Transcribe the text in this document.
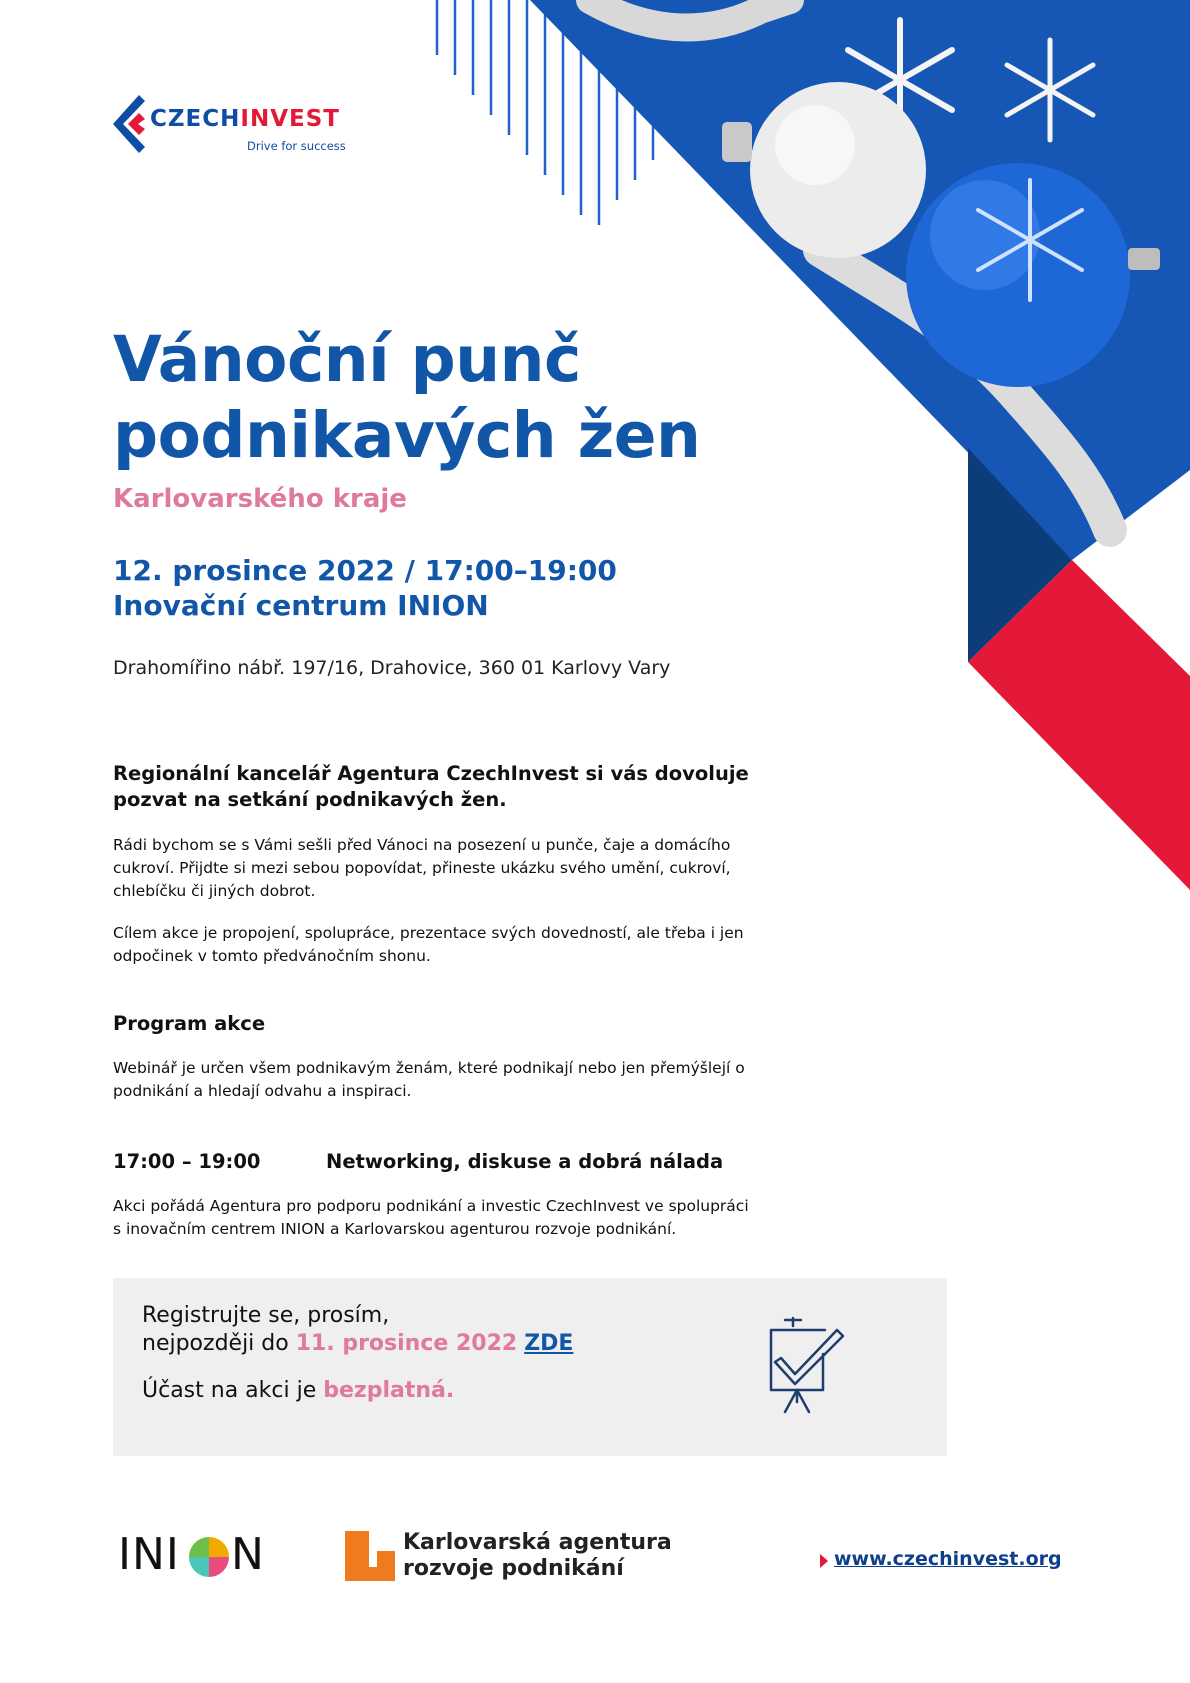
CZECHINVEST
Drive for success
Vánoční punč
podnikavých žen
Karlovarského kraje
12. prosince 2022 / 17:00–19:00
Inovační centrum INION
Drahomířino nábř. 197/16, Drahovice, 360 01 Karlovy Vary
Regionální kancelář Agentura CzechInvest si vás dovoluje
pozvat na setkání podnikavých žen.
Rádi bychom se s Vámi sešli před Vánoci na posezení u punče, čaje a domácího
cukroví. Přijdte si mezi sebou popovídat, přineste ukázku svého umění, cukroví,
chlebíčku či jiných dobrot.
Cílem akce je propojení, spolupráce, prezentace svých dovedností, ale třeba i jen
odpočinek v tomto předvánočním shonu.
Program akce
Webinář je určen všem podnikavým ženám, které podnikají nebo jen přemýšlejí o
podnikání a hledají odvahu a inspiraci.
17:00 – 19:00	Networking, diskuse a dobrá nálada
Akci pořádá Agentura pro podporu podnikání a investic CzechInvest ve spolupráci
s inovačním centrem INION a Karlovarskou agenturou rozvoje podnikání.
Registrujte se, prosím,
nejpozději do 11. prosince 2022 ZDE
Účast na akci je bezplatná.
INI N	Karlovarská agentura
rozvoje podnikání	www.czechinvest.org
